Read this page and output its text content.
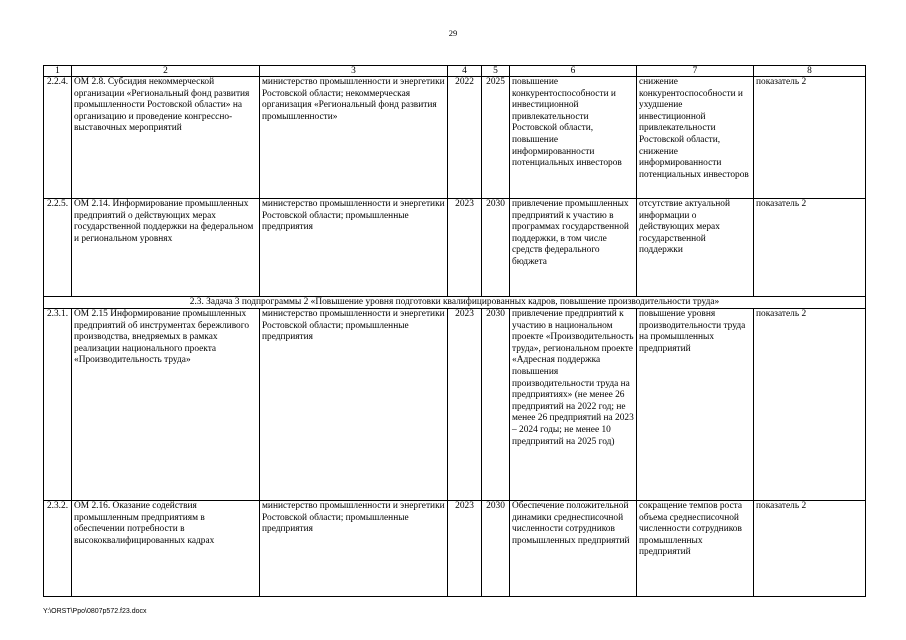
29
1	2	3	4	5	6	7	8
2.2.4.	ОМ 2.8. Субсидия некоммерческой организации «Региональный фонд развития промышленности Ростовской области» на организацию и проведение конгрессно-выставочных мероприятий	министерство промышленности и энергетики Ростовской области; некоммерческая организация «Региональный фонд развития промышленности»	2022	2025	повышение конкурентоспособности и инвестиционной привлекательности Ростовской области, повышение информированности потенциальных инвесторов	снижение конкурентоспособности и ухудшение инвестиционной привлекательности Ростовской области, снижение информированности потенциальных инвесторов	показатель 2
2.2.5.	ОМ 2.14. Информирование промышленных предприятий о действующих мерах государственной поддержки на федеральном и региональном уровнях	министерство промышленности и энергетики Ростовской области; промышленные предприятия	2023	2030	привлечение промышленных предприятий к участию в программах государственной поддержки, в том числе средств федерального бюджета	отсутствие актуальной информации о действующих мерах государственной поддержки	показатель 2
2.3. Задача 3 подпрограммы 2 «Повышение уровня подготовки квалифицированных кадров, повышение производительности труда»							
2.3.1.	ОМ 2.15 Информирование промышленных предприятий об инструментах бережливого производства, внедряемых в рамках реализации национального проекта «Производительность труда»	министерство промышленности и энергетики Ростовской области; промышленные предприятия	2023	2030	привлечение предприятий к участию в национальном проекте «Производительность труда», региональном проекте «Адресная поддержка повышения производительности труда на предприятиях» (не менее 26 предприятий на 2022 год; не менее 26 предприятий на 2023 – 2024 годы; не менее 10 предприятий на 2025 год)	повышение уровня производительности труда на промышленных предприятий	показатель 2
2.3.2.	ОМ 2.16. Оказание содействия промышленным предприятиям в обеспечении потребности в высококвалифицированных кадрах	министерство промышленности и энергетики Ростовской области; промышленные предприятия	2023	2030	Обеспечение положительной динамики среднесписочной численности сотрудников промышленных предприятий	сокращение темпов роста объема среднесписочной численности сотрудников промышленных предприятий	показатель 2
Y:\ORST\Ppo\0807p572.f23.docx
